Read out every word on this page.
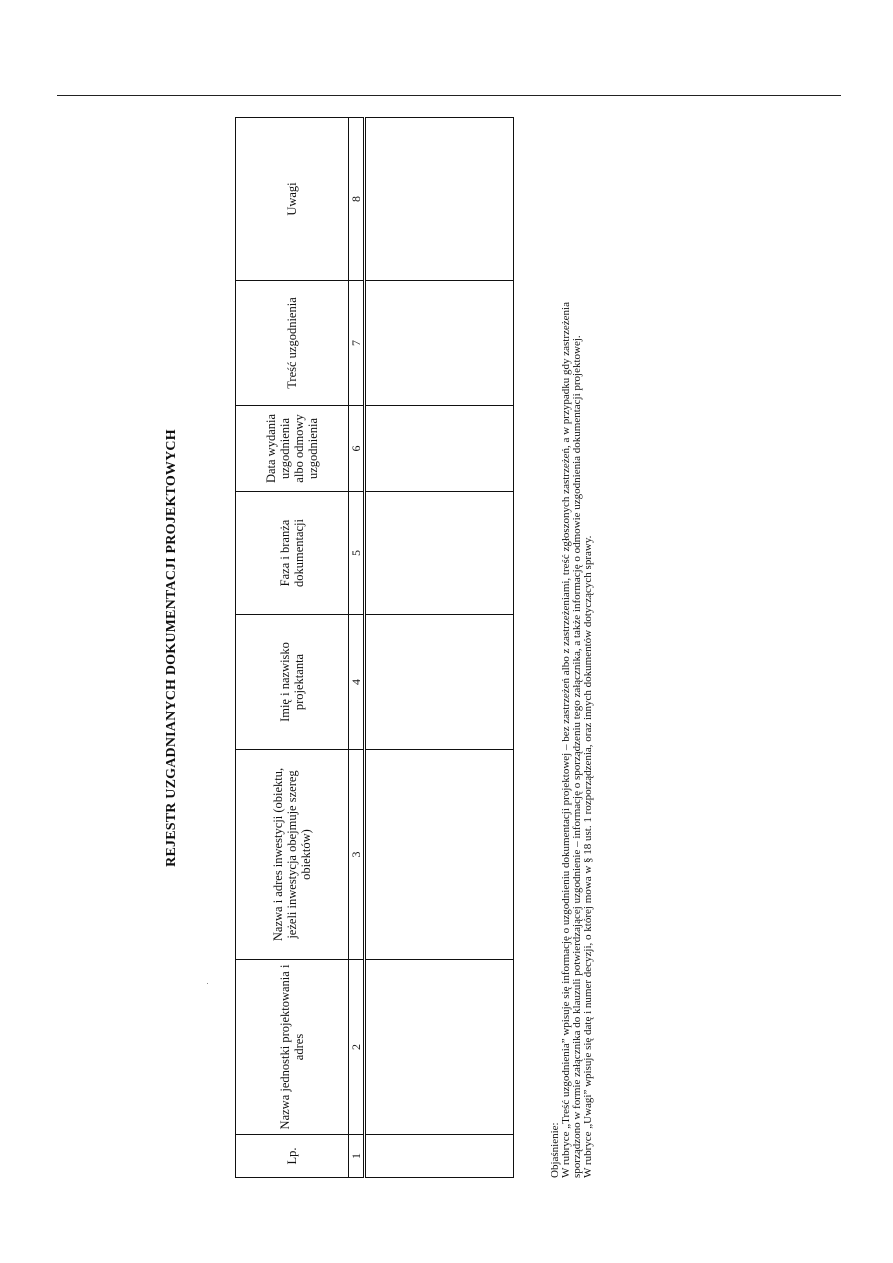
REJESTR UZGADNIANYCH DOKUMENTACJI PROJEKTOWYCH
Lp.	Nazwa jednostki projektowania i adres	Nazwa i adres inwestycji (obiektu, jeżeli inwestycja obejmuje szereg obiektów)	Imię i nazwisko projektanta	Faza i branża dokumentacji	Data wydania uzgodnienia albo odmowy uzgodnienia	Treść uzgodnienia	Uwagi
1	2	3	4	5	6	7	8

Objaśnienie: W rubryce „Treść uzgodnienia” wpisuje się informację o uzgodnieniu dokumentacji projektowej – bez zastrzeżeń albo z zastrzeżeniami, treść zgłoszonych zastrzeżeń, a w przypadku gdy zastrzeżenia sporządzono w formie załącznika do klauzuli potwierdzającej uzgodnienie – informację o sporządzeniu tego załącznika, a także informację o odmowie uzgodnienia dokumentacji projektowej. W rubryce „Uwagi” wpisuje się datę i numer decyzji, o której mowa w § 18 ust. 1 rozporządzenia, oraz innych dokumentów dotyczących sprawy.
